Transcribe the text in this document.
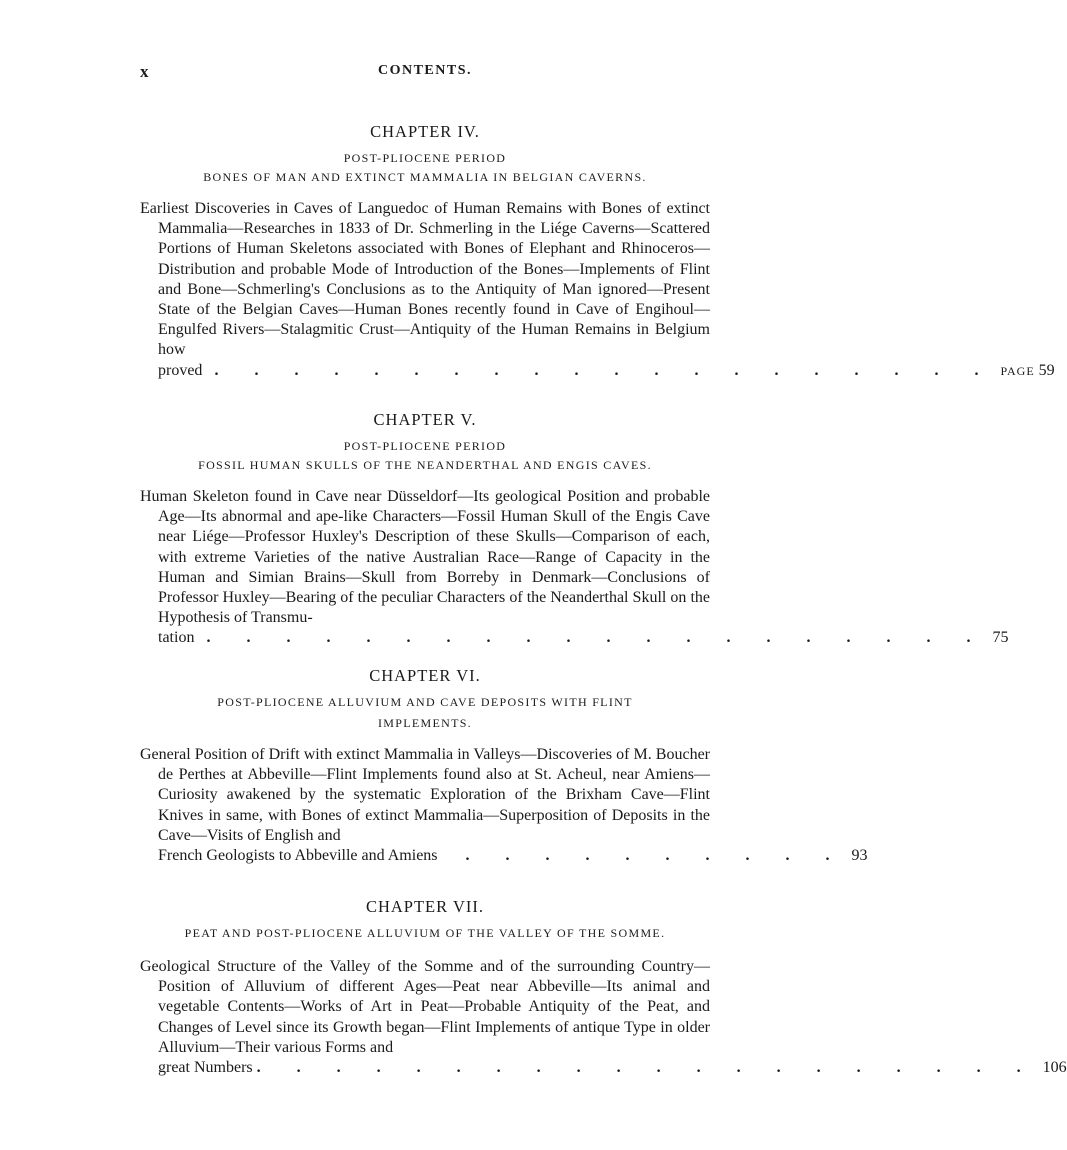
x	CONTENTS.
CHAPTER IV.
POST-PLIOCENE PERIOD
BONES OF MAN AND EXTINCT MAMMALIA IN BELGIAN CAVERNS.

Earliest Discoveries in Caves of Languedoc of Human Remains with Bones of extinct Mammalia—Researches in 1833 of Dr. Schmerling in the Liége Caverns—Scattered Portions of Human Skeletons associated with Bones of Elephant and Rhinoceros—Distribution and probable Mode of Introduction of the Bones—Implements of Flint and Bone—Schmerling's Conclusions as to the Antiquity of Man ignored—Present State of the Belgian Caves—Human Bones recently found in Cave of Engihoul—Engulfed Rivers—Stalagmitic Crust—Antiquity of the Human Remains in Belgium how

proved . . . . . . . . . . . . . . . . . . . . PAGE 59
CHAPTER V.
POST-PLIOCENE PERIOD
FOSSIL HUMAN SKULLS OF THE NEANDERTHAL AND ENGIS CAVES.

Human Skeleton found in Cave near Düsseldorf—Its geological Position and probable Age—Its abnormal and ape-like Characters—Fossil Human Skull of the Engis Cave near Liége—Professor Huxley's Description of these Skulls—Comparison of each, with extreme Varieties of the native Australian Race—Range of Capacity in the Human and Simian Brains—Skull from Borreby in Denmark—Conclusions of Professor Huxley—Bearing of the peculiar Characters of the Neanderthal Skull on the Hypothesis of Transmu-

tation . . . . . . . . . . . . . . . . . . . . 75
CHAPTER VI.
POST-PLIOCENE ALLUVIUM AND CAVE DEPOSITS WITH FLINT
IMPLEMENTS.

General Position of Drift with extinct Mammalia in Valleys—Discoveries of M. Boucher de Perthes at Abbeville—Flint Implements found also at St. Acheul, near Amiens—Curiosity awakened by the systematic Exploration of the Brixham Cave—Flint Knives in same, with Bones of extinct Mammalia—Superposition of Deposits in the Cave—Visits of English and

French Geologists to Abbeville and Amiens	. . . . . . . . . . 93
CHAPTER VII.
PEAT AND POST-PLIOCENE ALLUVIUM OF THE VALLEY OF THE SOMME.

Geological Structure of the Valley of the Somme and of the surrounding Country—Position of Alluvium of different Ages—Peat near Abbeville—Its animal and vegetable Contents—Works of Art in Peat—Probable Antiquity of the Peat, and Changes of Level since its Growth began—Flint Implements of antique Type in older Alluvium—Their various Forms and

great Numbers . . . . . . . . . . . . . . . . . . . . 106
